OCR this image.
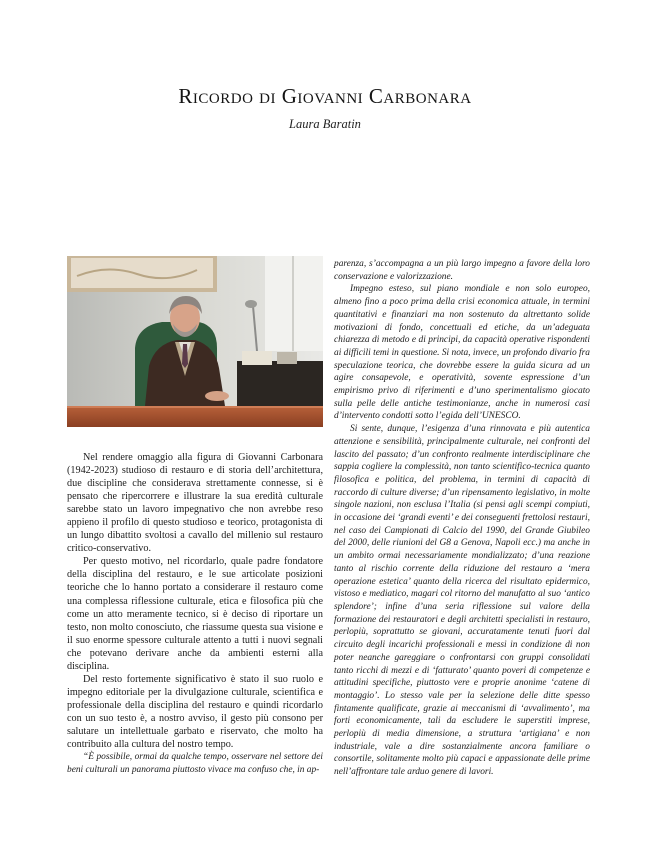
Ricordo di Giovanni Carbonara
Laura Baratin

Nel rendere omaggio alla figura di Giovanni Carbonara (1942-2023) studioso di restauro e di storia dell’architettura, due discipline che considerava strettamente connesse, si è pensato che ripercorrere e illustrare la sua eredità culturale sarebbe stato un lavoro impegnativo che non avrebbe reso appieno il profilo di questo studioso e teorico, protagonista di un lungo dibattito svoltosi a cavallo del millenio sul restauro critico-conservativo.

Per questo motivo, nel ricordarlo, quale padre fondatore della disciplina del restauro, e le sue articolate posizioni teoriche che lo hanno portato a considerare il restauro come una complessa riflessione culturale, etica e filosofica più che come un atto meramente tecnico, si è deciso di riportare un testo, non molto conosciuto, che riassume questa sua visione e il suo enorme spessore culturale attento a tutti i nuovi segnali che potevano derivare anche da ambienti esterni alla disciplina.

Del resto fortemente significativo è stato il suo ruolo e impegno editoriale per la divulgazione culturale, scientifica e professionale della disciplina del restauro e quindi ricordarlo con un suo testo è, a nostro avviso, il gesto più consono per salutare un intellettuale garbato e riservato, che molto ha contribuito alla cultura del nostro tempo.

“È possibile, ormai da qualche tempo, osservare nel settore dei beni culturali un panorama piuttosto vivace ma confuso che, in ap-

parenza, s’accompagna a un più largo impegno a favore della loro conservazione e valorizzazione.

Impegno esteso, sul piano mondiale e non solo europeo, almeno fino a poco prima della crisi economica attuale, in termini quantitativi e finanziari ma non sostenuto da altrettanto solide motivazioni di fondo, concettuali ed etiche, da un’adeguata chiarezza di metodo e di principi, da capacità operative rispondenti ai difficili temi in questione. Si nota, invece, un profondo divario fra speculazione teorica, che dovrebbe essere la guida sicura ad un agire consapevole, e operatività, sovente espressione d’un empirismo privo di riferimenti e d’uno sperimentalismo giocato sulla pelle delle antiche testimonianze, anche in numerosi casi d’intervento condotti sotto l’egida dell’UNESCO.

Si sente, dunque, l’esigenza d’una rinnovata e più autentica attenzione e sensibilità, principalmente culturale, nei confronti del lascito del passato; d’un confronto realmente interdisciplinare che sappia cogliere la complessità, non tanto scientifico-tecnica quanto filosofica e politica, del problema, in termini di capacità di raccordo di culture diverse; d’un ripensamento legislativo, in molte singole nazioni, non esclusa l’Italia (si pensi agli scempi compiuti, in occasione dei ‘grandi eventi’ e dei conseguenti frettolosi restauri, nel caso dei Campionati di Calcio del 1990, del Grande Giubileo del 2000, delle riunioni del G8 a Genova, Napoli ecc.) ma anche in un ambito ormai necessariamente mondializzato; d’una reazione tanto al rischio corrente della riduzione del restauro a ‘mera operazione estetica’ quanto della ricerca del risultato epidermico, vistoso e mediatico, magari col ritorno del manufatto al suo ‘antico splendore’; infine d’una seria riflessione sul valore della formazione dei restauratori e degli architetti specialisti in restauro, perlopiù, soprattutto se giovani, accuratamente tenuti fuori dal circuito degli incarichi professionali e messi in condizione di non poter neanche gareggiare o confrontarsi con gruppi consolidati tanto ricchi di mezzi e di ‘fatturato’ quanto poveri di competenze e attitudini specifiche, piuttosto vere e proprie anonime ‘catene di montaggio’. Lo stesso vale per la selezione delle ditte spesso fintamente qualificate, grazie ai meccanismi di ‘avvalimento’, ma forti economicamente, tali da escludere le superstiti imprese, perlopiù di media dimensione, a struttura ‘artigiana’ e non industriale, vale a dire sostanzialmente ancora familiare o consortile, solitamente molto più capaci e appassionate delle prime nell’affrontare tale arduo genere di lavori.
